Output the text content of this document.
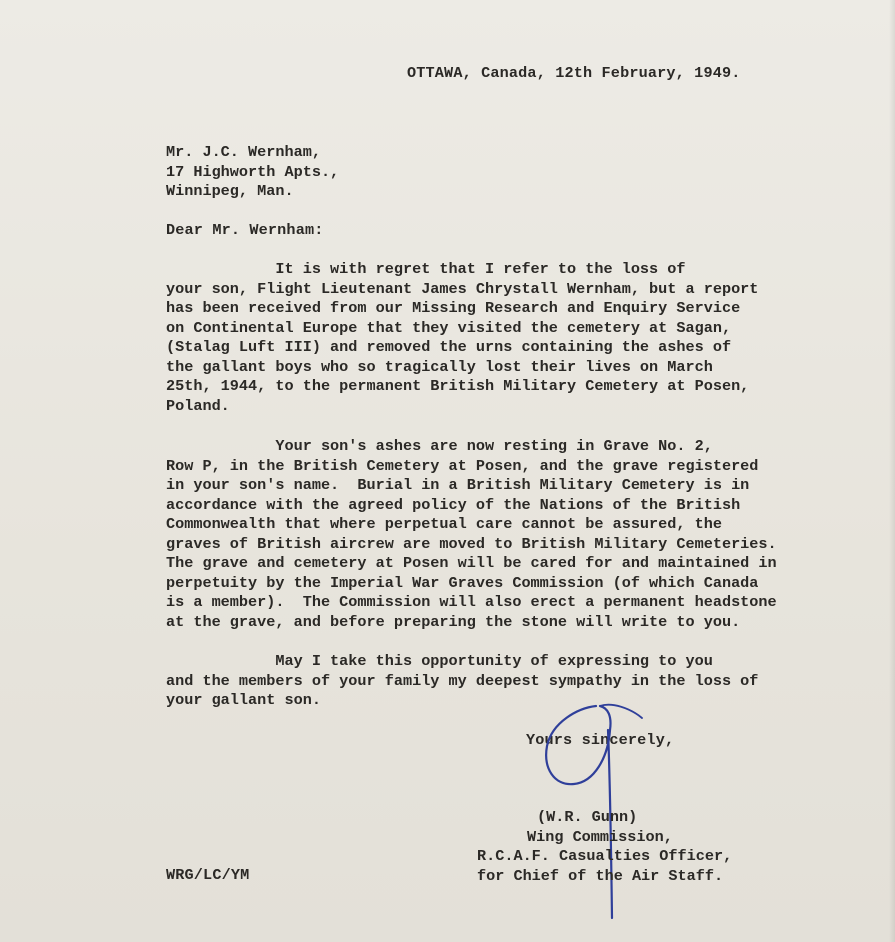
OTTAWA, Canada, 12th February, 1949.
Mr. J.C. Wernham,
17 Highworth Apts.,
Winnipeg, Man.
Dear Mr. Wernham:
It is with regret that I refer to the loss of
your son, Flight Lieutenant James Chrystall Wernham, but a report
has been received from our Missing Research and Enquiry Service
on Continental Europe that they visited the cemetery at Sagan,
(Stalag Luft III) and removed the urns containing the ashes of
the gallant boys who so tragically lost their lives on March
25th, 1944, to the permanent British Military Cemetery at Posen,
Poland.
Your son's ashes are now resting in Grave No. 2,
Row P, in the British Cemetery at Posen, and the grave registered
in your son's name.  Burial in a British Military Cemetery is in
accordance with the agreed policy of the Nations of the British
Commonwealth that where perpetual care cannot be assured, the
graves of British aircrew are moved to British Military Cemeteries.
The grave and cemetery at Posen will be cared for and maintained in
perpetuity by the Imperial War Graves Commission (of which Canada
is a member).  The Commission will also erect a permanent headstone
at the grave, and before preparing the stone will write to you.
May I take this opportunity of expressing to you
and the members of your family my deepest sympathy in the loss of
your gallant son.
Yours sincerely,
(W.R. Gunn)
Wing Commission,
R.C.A.F. Casualties Officer,
for Chief of the Air Staff.
WRG/LC/YM
